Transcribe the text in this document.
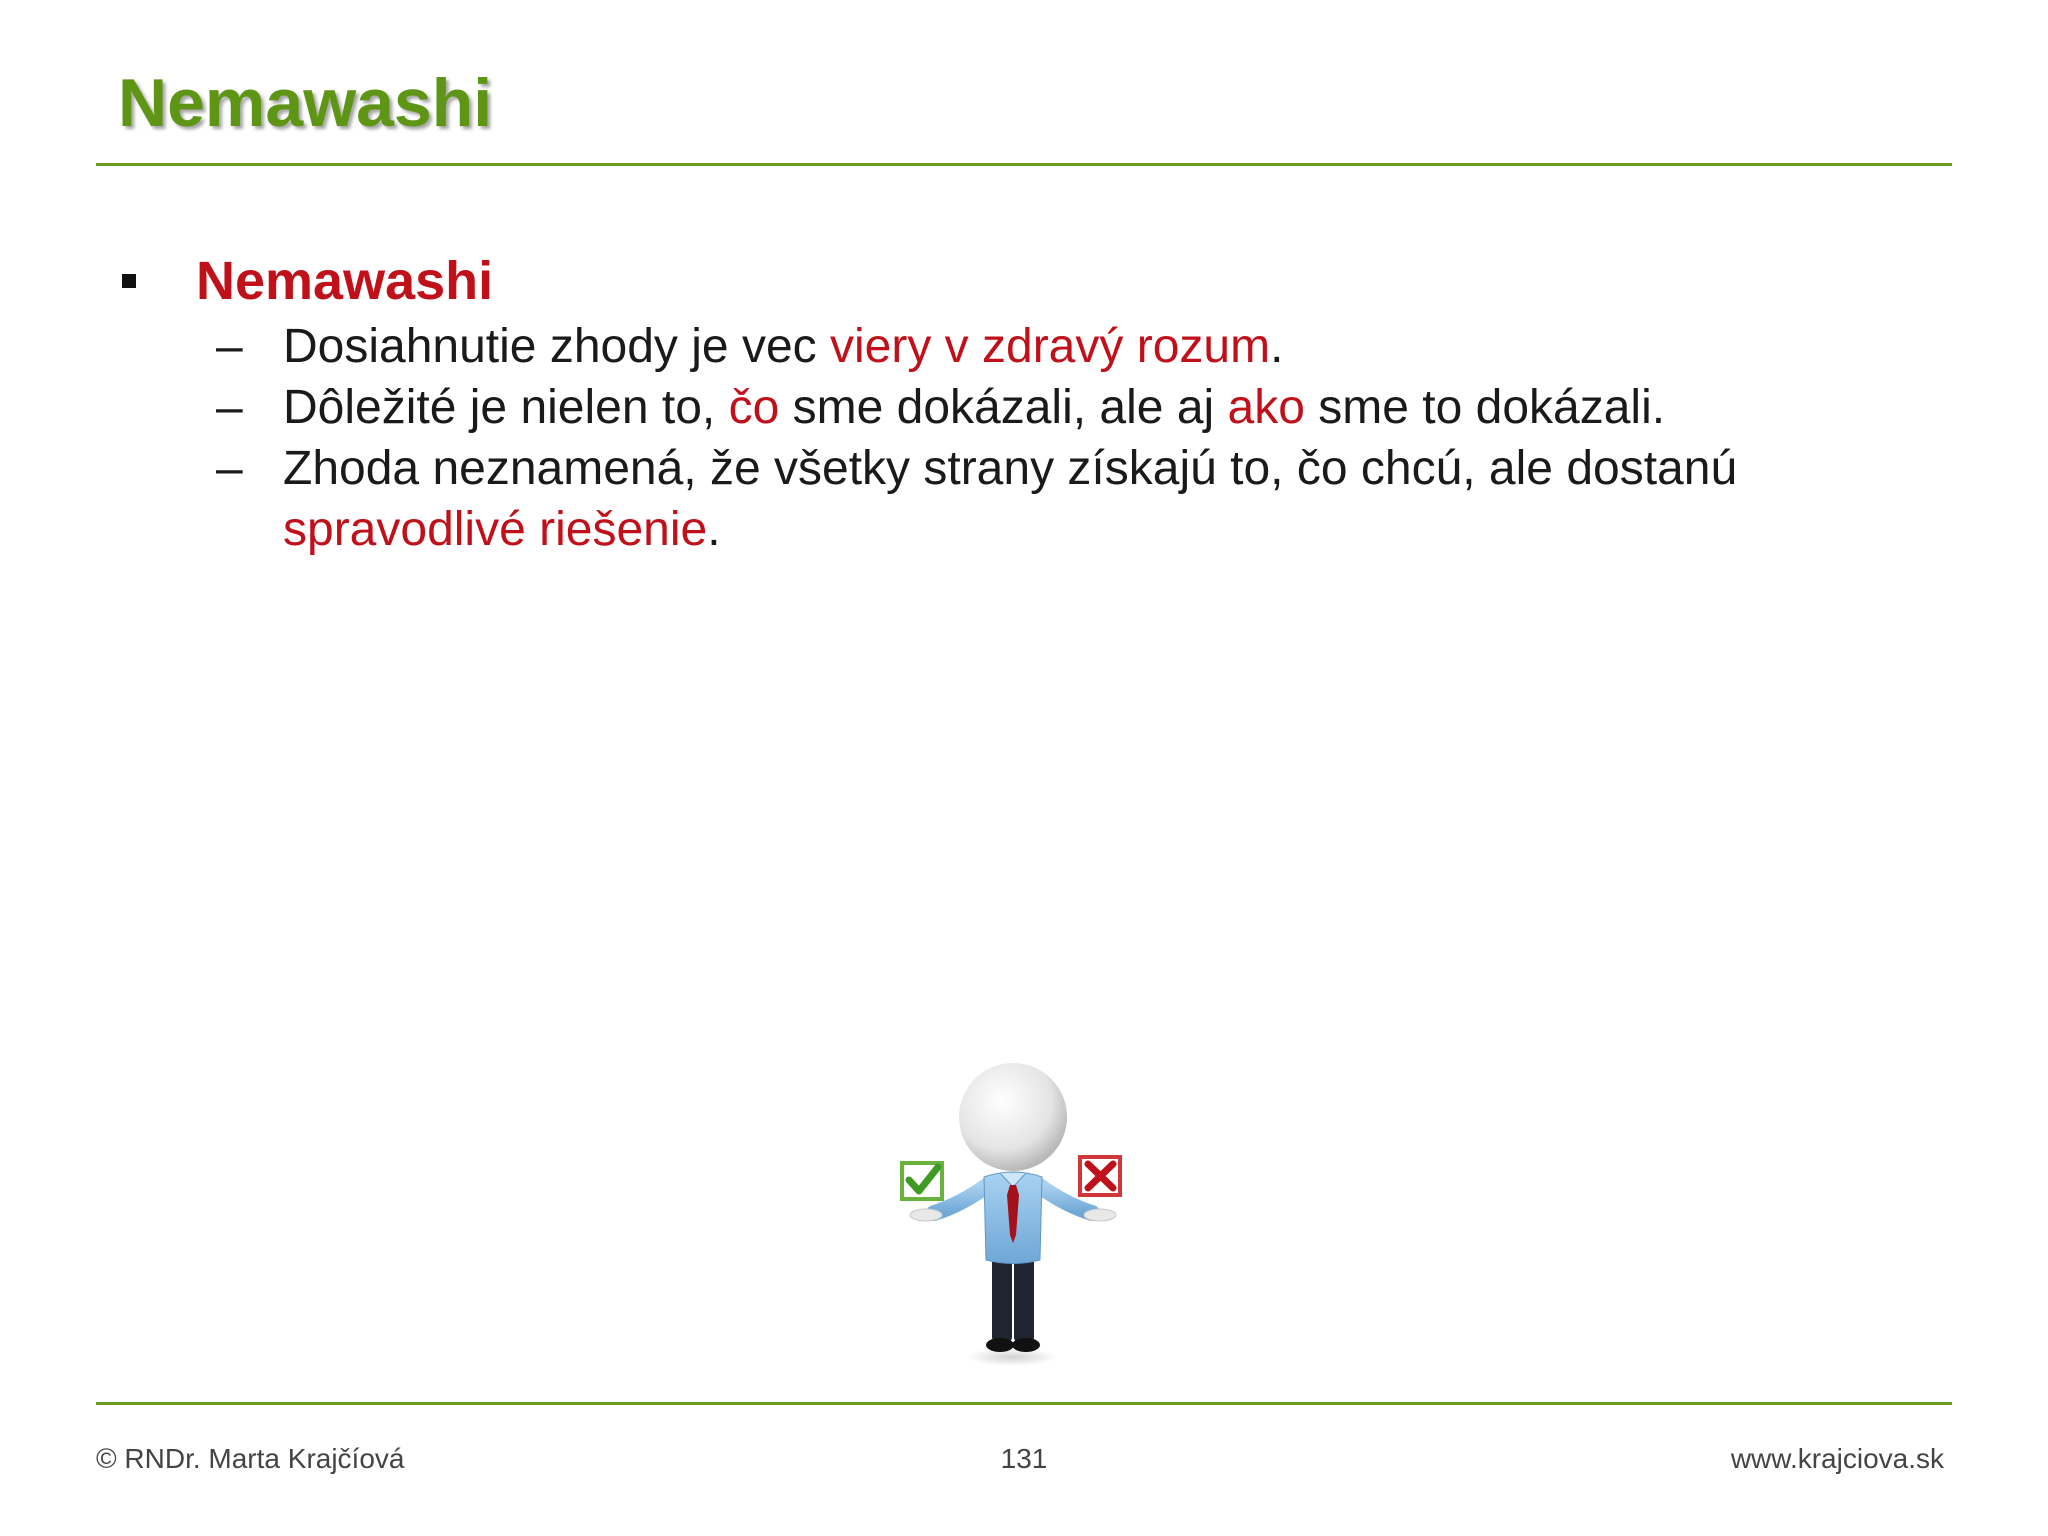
Nemawashi
Nemawashi
– Dosiahnutie zhody je vec viery v zdravý rozum.
– Dôležité je nielen to, čo sme dokázali, ale aj ako sme to dokázali.
– Zhoda neznamená, že všetky strany získajú to, čo chcú, ale dostanú spravodlivé riešenie.
© RNDr. Marta Krajčíová	131	www.krajciova.sk
